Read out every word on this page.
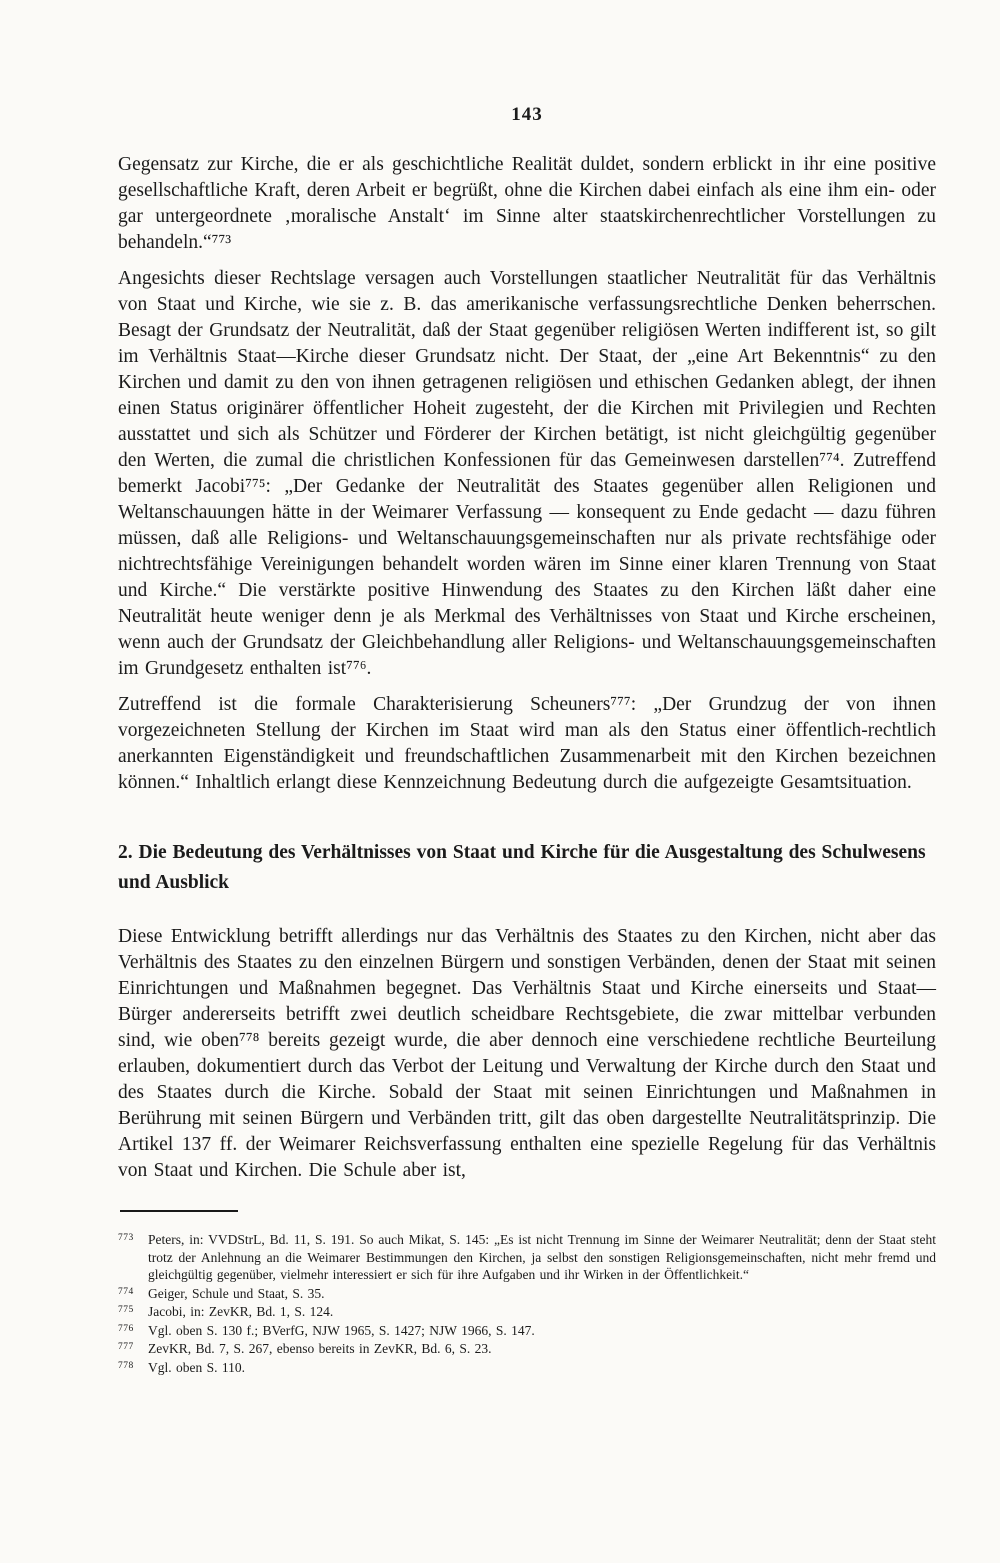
143

Gegensatz zur Kirche, die er als geschichtliche Realität duldet, sondern erblickt in ihr eine positive gesellschaftliche Kraft, deren Arbeit er begrüßt, ohne die Kirchen dabei einfach als eine ihm ein- oder gar untergeordnete ‚moralische Anstalt‘ im Sinne alter staatskirchenrechtlicher Vorstellungen zu behandeln.“⁷⁷³

Angesichts dieser Rechtslage versagen auch Vorstellungen staatlicher Neutralität für das Verhältnis von Staat und Kirche, wie sie z. B. das amerikanische verfassungsrechtliche Denken beherrschen. Besagt der Grundsatz der Neutralität, daß der Staat gegenüber religiösen Werten indifferent ist, so gilt im Verhältnis Staat—Kirche dieser Grundsatz nicht. Der Staat, der „eine Art Bekenntnis“ zu den Kirchen und damit zu den von ihnen getragenen religiösen und ethischen Gedanken ablegt, der ihnen einen Status originärer öffentlicher Hoheit zugesteht, der die Kirchen mit Privilegien und Rechten ausstattet und sich als Schützer und Förderer der Kirchen betätigt, ist nicht gleichgültig gegenüber den Werten, die zumal die christlichen Konfessionen für das Gemeinwesen darstellen⁷⁷⁴. Zutreffend bemerkt Jacobi⁷⁷⁵: „Der Gedanke der Neutralität des Staates gegenüber allen Religionen und Weltanschauungen hätte in der Weimarer Verfassung — konsequent zu Ende gedacht — dazu führen müssen, daß alle Religions- und Weltanschauungsgemeinschaften nur als private rechtsfähige oder nichtrechtsfähige Vereinigungen behandelt worden wären im Sinne einer klaren Trennung von Staat und Kirche.“ Die verstärkte positive Hinwendung des Staates zu den Kirchen läßt daher eine Neutralität heute weniger denn je als Merkmal des Verhältnisses von Staat und Kirche erscheinen, wenn auch der Grundsatz der Gleichbehandlung aller Religions- und Weltanschauungsgemeinschaften im Grundgesetz enthalten ist⁷⁷⁶.

Zutreffend ist die formale Charakterisierung Scheuners⁷⁷⁷: „Der Grundzug der von ihnen vorgezeichneten Stellung der Kirchen im Staat wird man als den Status einer öffentlich-rechtlich anerkannten Eigenständigkeit und freundschaftlichen Zusammenarbeit mit den Kirchen bezeichnen können.“ Inhaltlich erlangt diese Kennzeichnung Bedeutung durch die aufgezeigte Gesamtsituation.

2. Die Bedeutung des Verhältnisses von Staat und Kirche für die Ausgestaltung des Schulwesens und Ausblick

Diese Entwicklung betrifft allerdings nur das Verhältnis des Staates zu den Kirchen, nicht aber das Verhältnis des Staates zu den einzelnen Bürgern und sonstigen Verbänden, denen der Staat mit seinen Einrichtungen und Maßnahmen begegnet. Das Verhältnis Staat und Kirche einerseits und Staat—Bürger andererseits betrifft zwei deutlich scheidbare Rechtsgebiete, die zwar mittelbar verbunden sind, wie oben⁷⁷⁸ bereits gezeigt wurde, die aber dennoch eine verschiedene rechtliche Beurteilung erlauben, dokumentiert durch das Verbot der Leitung und Verwaltung der Kirche durch den Staat und des Staates durch die Kirche. Sobald der Staat mit seinen Einrichtungen und Maßnahmen in Berührung mit seinen Bürgern und Verbänden tritt, gilt das oben dargestellte Neutralitätsprinzip. Die Artikel 137 ff. der Weimarer Reichsverfassung enthalten eine spezielle Regelung für das Verhältnis von Staat und Kirchen. Die Schule aber ist,

773 Peters, in: VVDStrL, Bd. 11, S. 191. So auch Mikat, S. 145: „Es ist nicht Trennung im Sinne der Weimarer Neutralität; denn der Staat steht trotz der Anlehnung an die Weimarer Bestimmungen den Kirchen, ja selbst den sonstigen Religionsgemeinschaften, nicht mehr fremd und gleichgültig gegenüber, vielmehr interessiert er sich für ihre Aufgaben und ihr Wirken in der Öffentlichkeit.“
774 Geiger, Schule und Staat, S. 35.
775 Jacobi, in: ZevKR, Bd. 1, S. 124.
776 Vgl. oben S. 130 f.; BVerfG, NJW 1965, S. 1427; NJW 1966, S. 147.
777 ZevKR, Bd. 7, S. 267, ebenso bereits in ZevKR, Bd. 6, S. 23.
778 Vgl. oben S. 110.
